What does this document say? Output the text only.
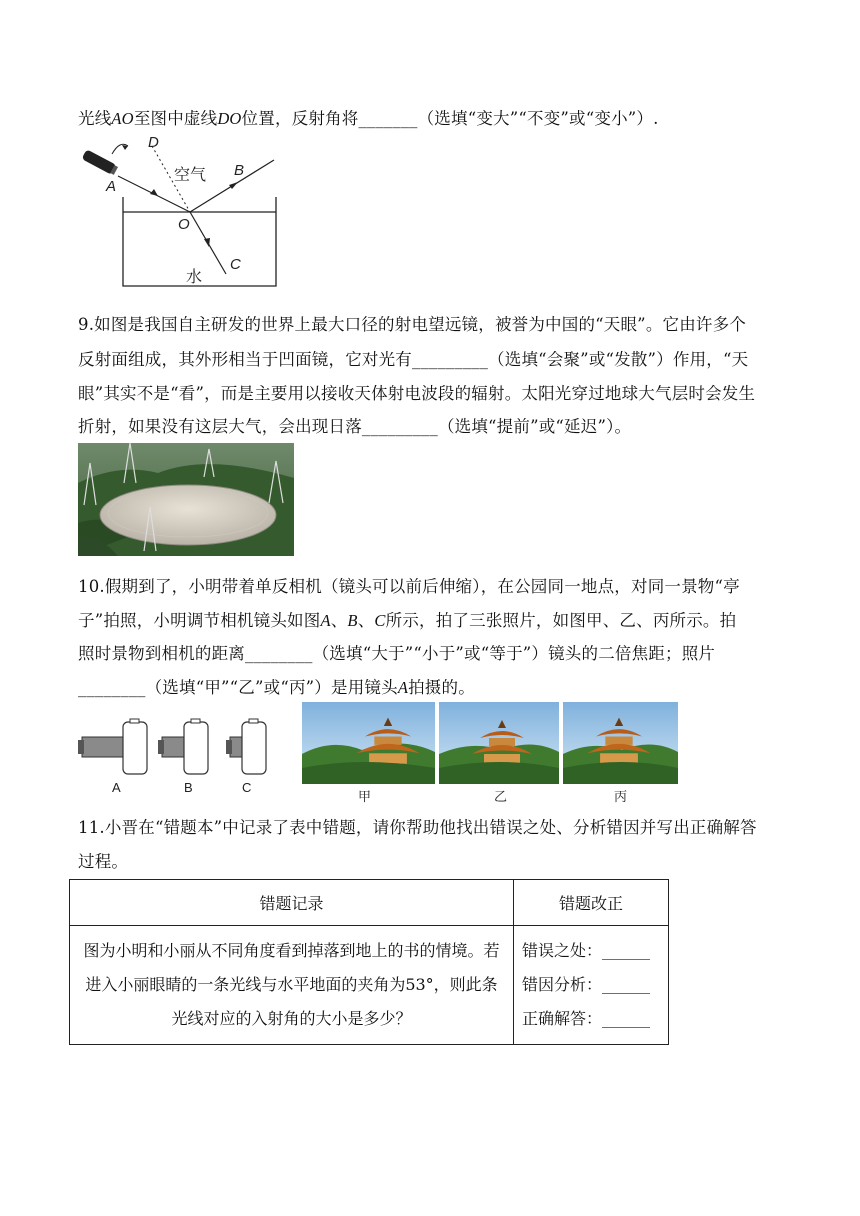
光线AO至图中虚线DO位置，反射角将_______（选填“变大”“不变”或“变小”）.
D
空气 B
A
O
水
C
9.如图是我国自主研发的世界上最大口径的射电望远镜，被誉为中国的“天眼”。它由许多个
反射面组成，其外形相当于凹面镜，它对光有_________（选填“会聚”或“发散”）作用，“天
眼”其实不是“看”，而是主要用以接收天体射电波段的辐射。太阳光穿过地球大气层时会发生
折射，如果没有这层大气，会出现日落_________（选填“提前”或“延迟”）。
10.假期到了，小明带着单反相机（镜头可以前后伸缩），在公园同一地点，对同一景物“亭
子”拍照，小明调节相机镜头如图A、B、C所示，拍了三张照片，如图甲、乙、丙所示。拍
照时景物到相机的距离________（选填“大于”“小于”或“等于”）镜头的二倍焦距；照片
________（选填“甲”“乙”或“丙”）是用镜头A拍摄的。
A	B	C
甲	乙	丙
11.小晋在“错题本”中记录了表中错题，请你帮助他找出错误之处、分析错因并写出正确解答
过程。
错题记录	错题改正

图为小明和小丽从不同角度看到掉落到地上的书的情境。若进入小丽眼睛的一条光线与水平地面的夹角为53°，则此条光线对应的入射角的大小是多少？	错误之处：______
错因分析：______
正确解答：______
